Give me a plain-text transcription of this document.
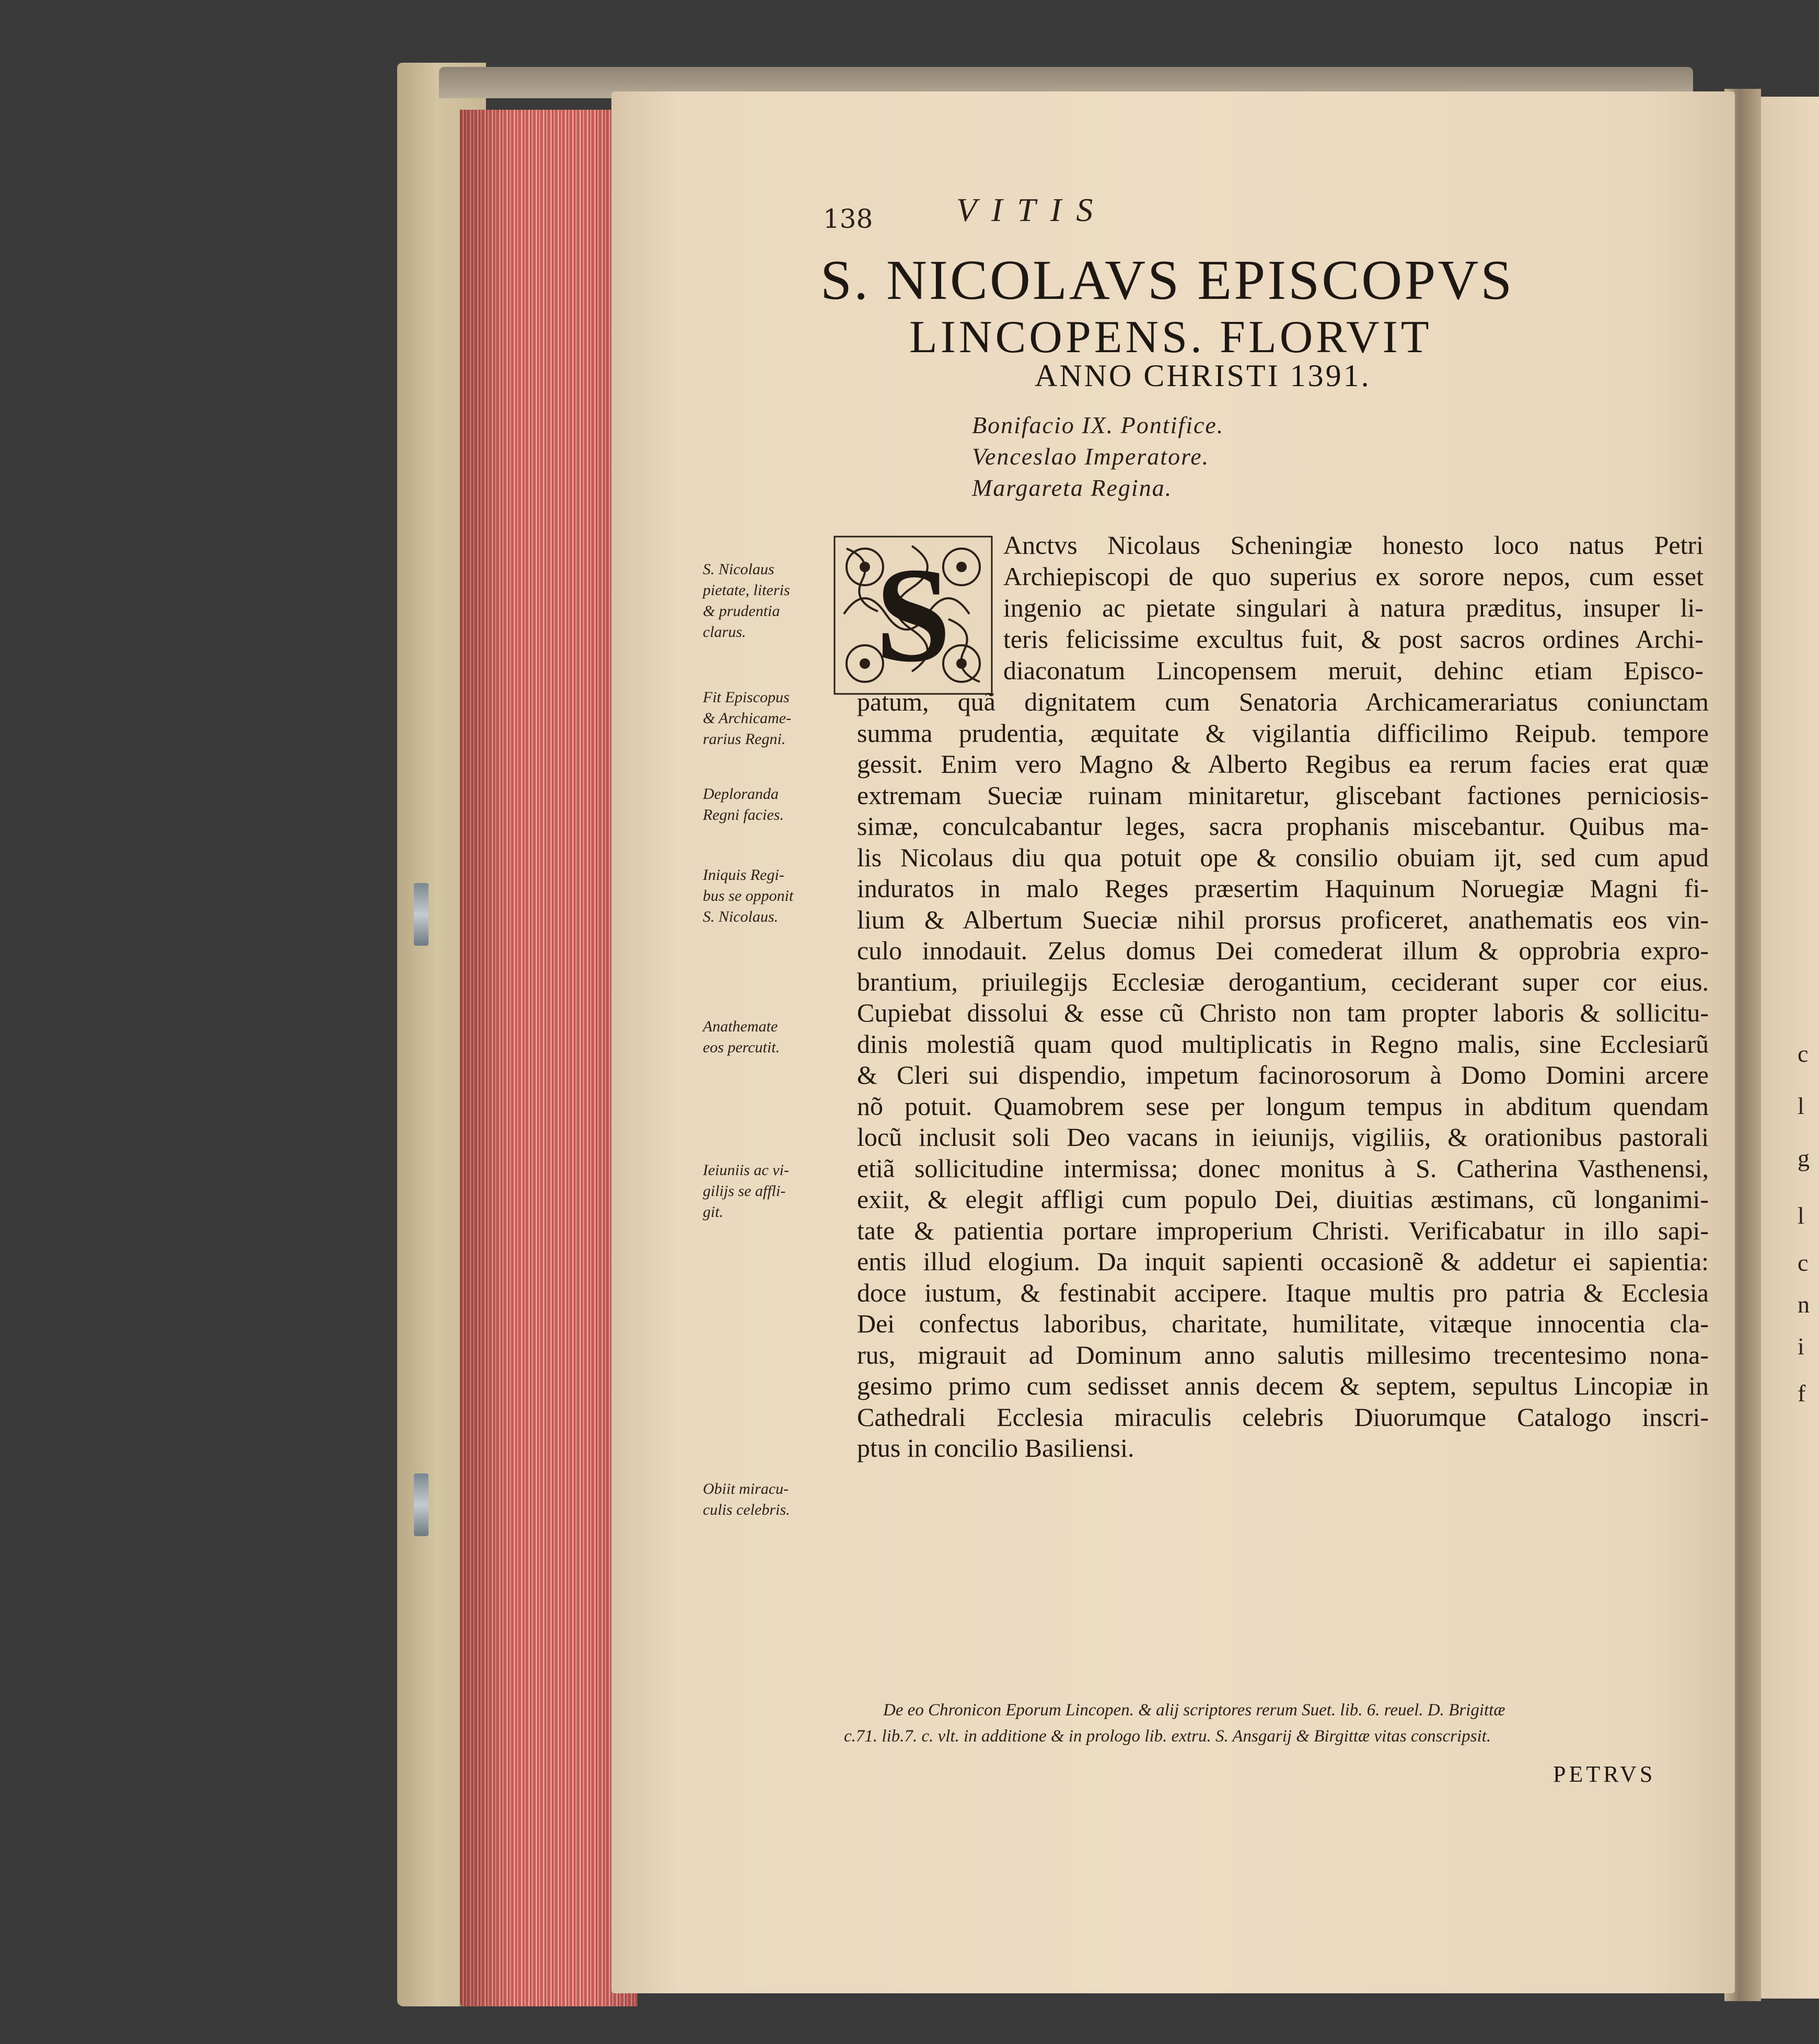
138 VITIS
S. NICOLAVS EPISCOPVS
LINCOPENS. FLORVIT
ANNO CHRISTI 1391.
Bonifacio IX. Pontifice.
Venceslao Imperatore.
Margareta Regina.
S	Anctvs Nicolaus Scheningiæ honesto loco natus Petri
Archiepiscopi de quo superius ex sorore nepos, cum esset
ingenio ac pietate singulari à natura præditus, insuper li-
teris felicissime excultus fuit, & post sacros ordines Archi-
diaconatum Lincopensem meruit, dehinc etiam Episco-
patum, quã dignitatem cum Senatoria Archicamerariatus coniunctam
summa prudentia, æquitate & vigilantia difficilimo Reipub. tempore
gessit. Enim vero Magno & Alberto Regibus ea rerum facies erat quæ
extremam Sueciæ ruinam minitaretur, gliscebant factiones perniciosis-
simæ, conculcabantur leges, sacra prophanis miscebantur. Quibus ma-
lis Nicolaus diu qua potuit ope & consilio obuiam ijt, sed cum apud
induratos in malo Reges præsertim Haquinum Noruegiæ Magni fi-
lium & Albertum Sueciæ nihil prorsus proficeret, anathematis eos vin-
culo innodauit. Zelus domus Dei comederat illum & opprobria expro-
brantium, priuilegijs Ecclesiæ derogantium, ceciderant super cor eius.
Cupiebat dissolui & esse cũ Christo non tam propter laboris & sollicitu-
dinis molestiã quam quod multiplicatis in Regno malis, sine Ecclesiarũ
& Cleri sui dispendio, impetum facinorosorum à Domo Domini arcere
nõ potuit. Quamobrem sese per longum tempus in abditum quendam
locũ inclusit soli Deo vacans in ieiunijs, vigiliis, & orationibus pastorali
etiã sollicitudine intermissa; donec monitus à S. Catherina Vasthenensi,
exiit, & elegit affligi cum populo Dei, diuitias æstimans, cũ longanimi-
tate & patientia portare improperium Christi. Verificabatur in illo sapi-
entis illud elogium. Da inquit sapienti occasionẽ & addetur ei sapientia:
doce iustum, & festinabit accipere. Itaque multis pro patria & Ecclesia
Dei confectus laboribus, charitate, humilitate, vitæque innocentia cla-
rus, migrauit ad Dominum anno salutis millesimo trecentesimo nona-
gesimo primo cum sedisset annis decem & septem, sepultus Lincopiæ in
Cathedrali Ecclesia miraculis celebris Diuorumque Catalogo inscri-
ptus in concilio Basiliensi.
S. Nicolaus
pietate, literis
& prudentia
clarus.
Fit Episcopus
& Archicame-
rarius Regni.
Deploranda
Regni facies.
Iniquis Regi-
bus se opponit
S. Nicolaus.
Anathemate
eos percutit.
Ieiuniis ac vi-
gilijs se affli-
git.
Obiit miracu-
culis celebris.
De eo Chronicon Eporum Lincopen. & alij scriptores rerum Suet. lib. 6. reuel. D. Brigittæ
c.71. lib.7. c. vlt. in additione & in prologo lib. extru. S. Ansgarij & Birgittæ vitas conscripsit.
PETRVS
c
l
g
l
c
n
i
f
